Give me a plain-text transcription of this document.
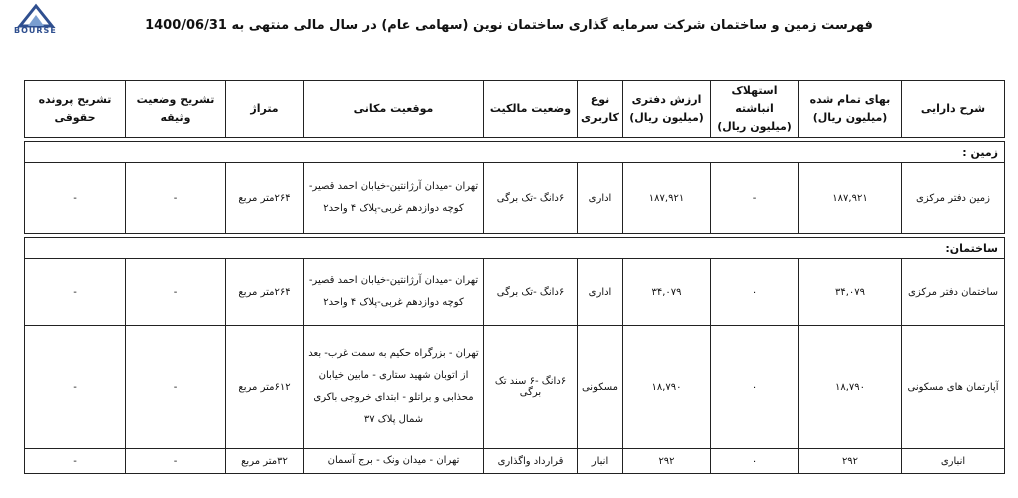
BOURSE	فهرست زمین و ساختمان شرکت سرمایه گذاری ساختمان نوین (سهامی عام) در سال مالی منتهی به 1400/06/31
شرح دارایی	بهای تمام شده (میلیون ریال)	استهلاک انباشته (میلیون ریال)	ارزش دفتری (میلیون ریال)	نوع کاربری	وضعیت مالکیت	موقعیت مکانی	متراژ	تشریح وضعیت وثیقه	تشریح پرونده حقوقی

زمین :									
زمین دفتر مرکزی	۱۸۷,۹۲۱	-	۱۸۷,۹۲۱	اداری	۶دانگ -تک برگی	تهران -میدان آرژانتین-خیابان احمد قصیر-کوچه دوازدهم غربی-پلاک ۴ واحد۲	۲۶۴متر مربع	-	-

ساختمان:									
ساختمان دفتر مرکزی	۳۴,۰۷۹	۰	۳۴,۰۷۹	اداری	۶دانگ -تک برگی	تهران -میدان آرژانتین-خیابان احمد قصیر-کوچه دوازدهم غربی-پلاک ۴ واحد۲	۲۶۴متر مربع	-	-
آپارتمان های مسکونی	۱۸,۷۹۰	۰	۱۸,۷۹۰	مسکونی	۶دانگ -۶ سند تک برگی	تهران - بزرگراه حکیم به سمت غرب- بعد از اتوبان شهید ستاری - مابین خیابان محذابی و براتلو - ابتدای خروجی باکری شمال پلاک ۳۷	۶۱۲متر مربع	-	-
انباری	۲۹۲	۰	۲۹۲	انبار	قرارداد واگذاری	تهران - میدان ونک - برج آسمان	۳۲متر مربع	-	-
